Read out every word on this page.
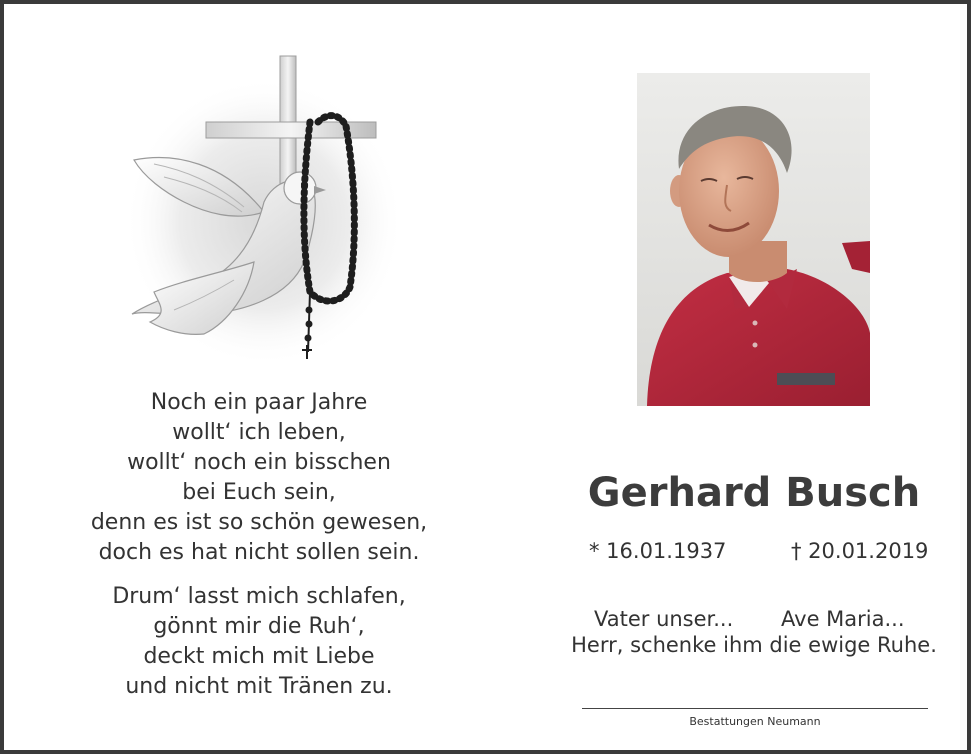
Noch ein paar Jahre
wollt‘ ich leben,
wollt‘ noch ein bisschen
bei Euch sein,
denn es ist so schön gewesen,
doch es hat nicht sollen sein.
Drum‘ lasst mich schlafen,
gönnt mir die Ruh‘,
deckt mich mit Liebe
und nicht mit Tränen zu.
Gerhard Busch
* 16.01.1937	† 20.01.2019
Vater unser... Ave Maria...
Herr, schenke ihm die ewige Ruhe.
Bestattungen Neumann
